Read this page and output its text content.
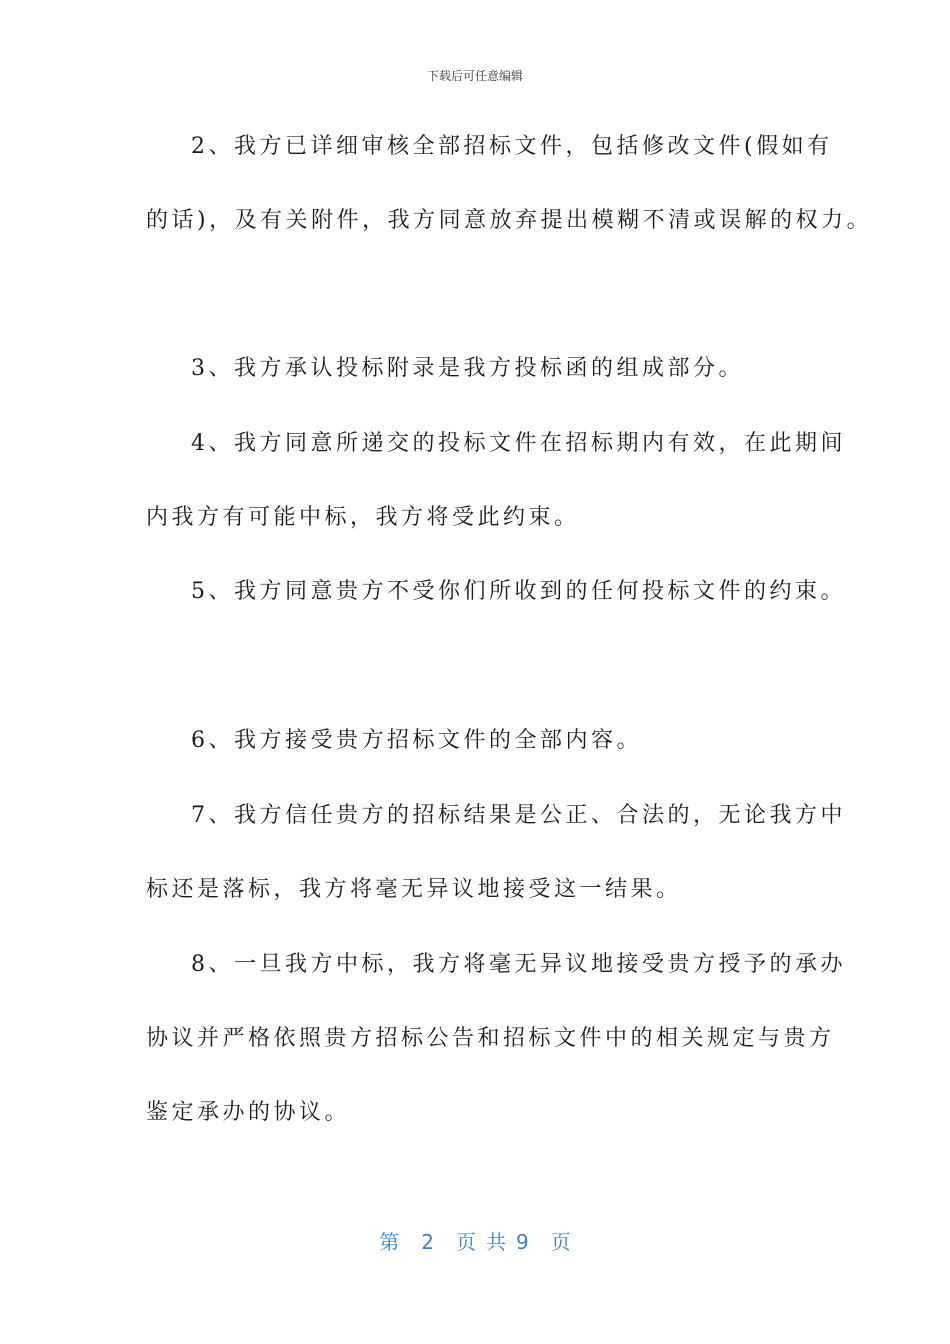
下载后可任意编辑
2、我方已详细审核全部招标文件，包括修改文件(假如有
的话)，及有关附件，我方同意放弃提出模糊不清或误解的权力。
3、我方承认投标附录是我方投标函的组成部分。
4、我方同意所递交的投标文件在招标期内有效，在此期间
内我方有可能中标，我方将受此约束。
5、我方同意贵方不受你们所收到的任何投标文件的约束。
6、我方接受贵方招标文件的全部内容。
7、我方信任贵方的招标结果是公正、合法的，无论我方中
标还是落标，我方将毫无异议地接受这一结果。
8、一旦我方中标，我方将毫无异议地接受贵方授予的承办
协议并严格依照贵方招标公告和招标文件中的相关规定与贵方
鉴定承办的协议。
第 2 页共9 页
